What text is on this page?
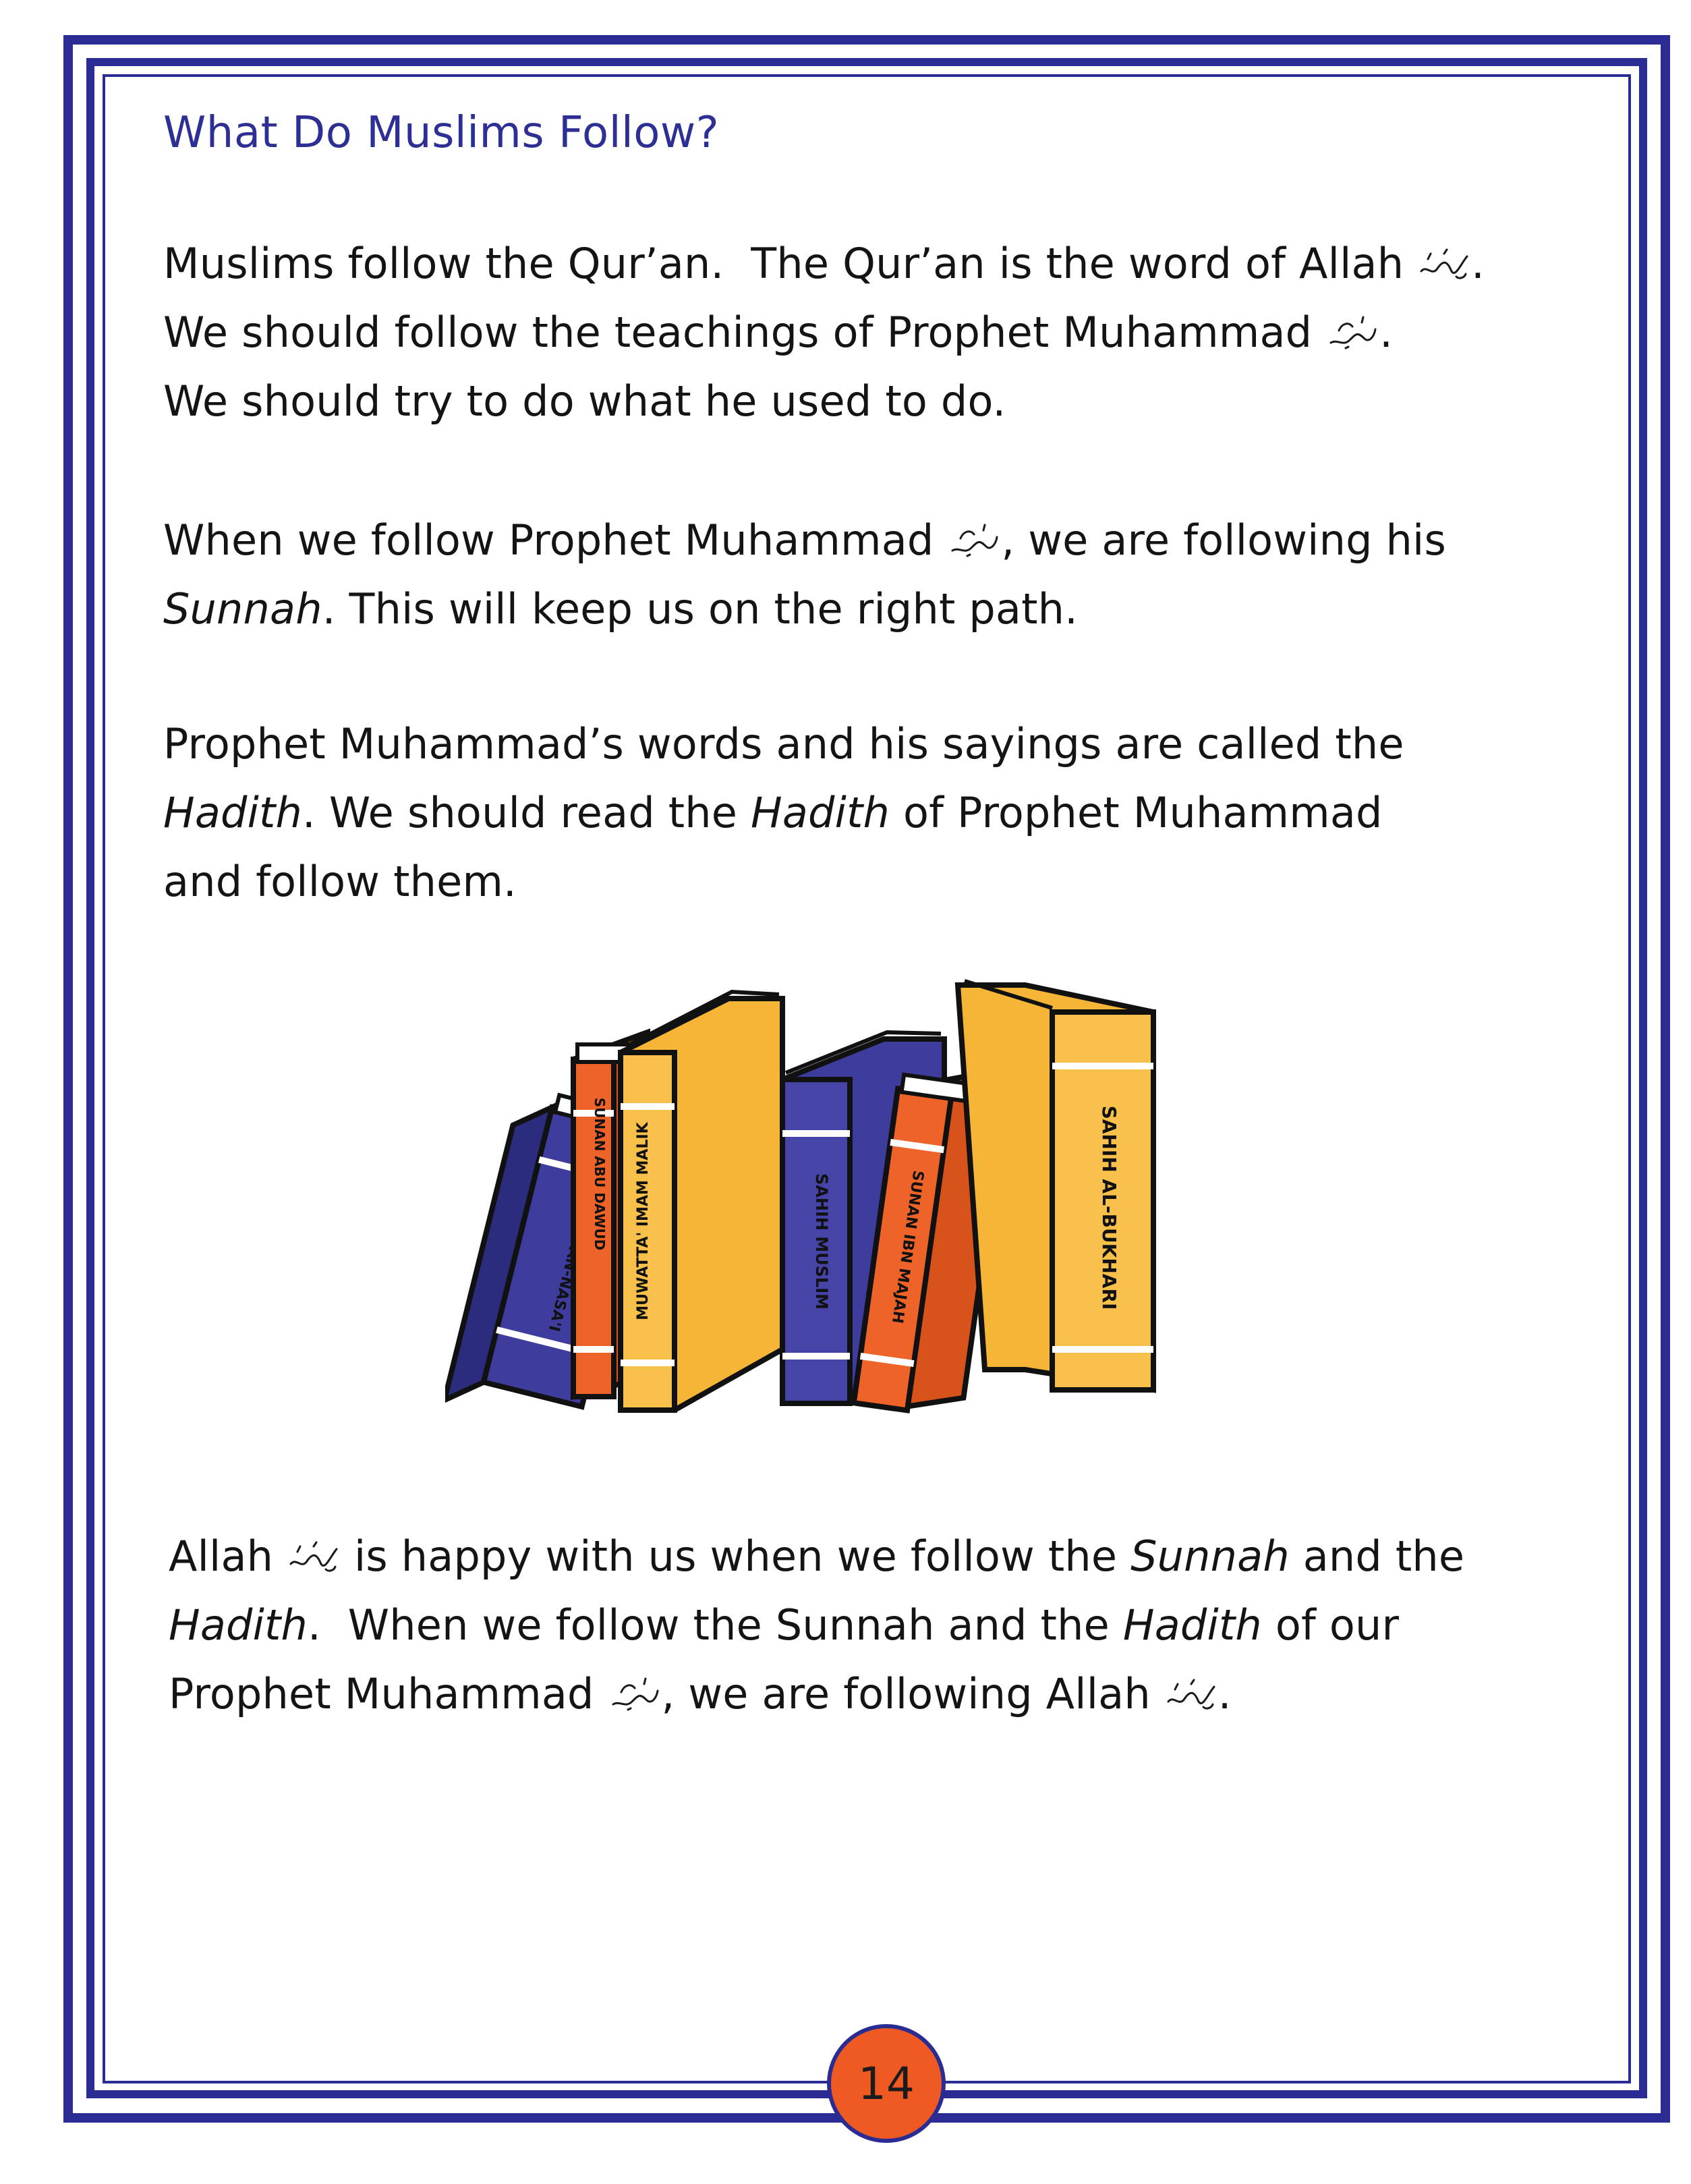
What Do Muslims Follow?
Muslims follow the Qur’an.  The Qur’an is the word of Allah .
We should follow the teachings of Prophet Muhammad .
We should try to do what he used to do.
When we follow Prophet Muhammad , we are following his
Sunnah. This will keep us on the right path.
Prophet Muhammad’s words and his sayings are called the
Hadith. We should read the Hadith of Prophet Muhammad
and follow them.
Allah  is happy with us when we follow the Sunnah and the
Hadith.  When we follow the Sunnah and the Hadith of our
Prophet Muhammad , we are following Allah .
AN-NASA'I
SUNAN ABU DAWUD MUWATTA' IMAM MALIK	SAHIH MUSLIM	SUNAN IBN MAJAH	SAHIH AL-BUKHARI
14
